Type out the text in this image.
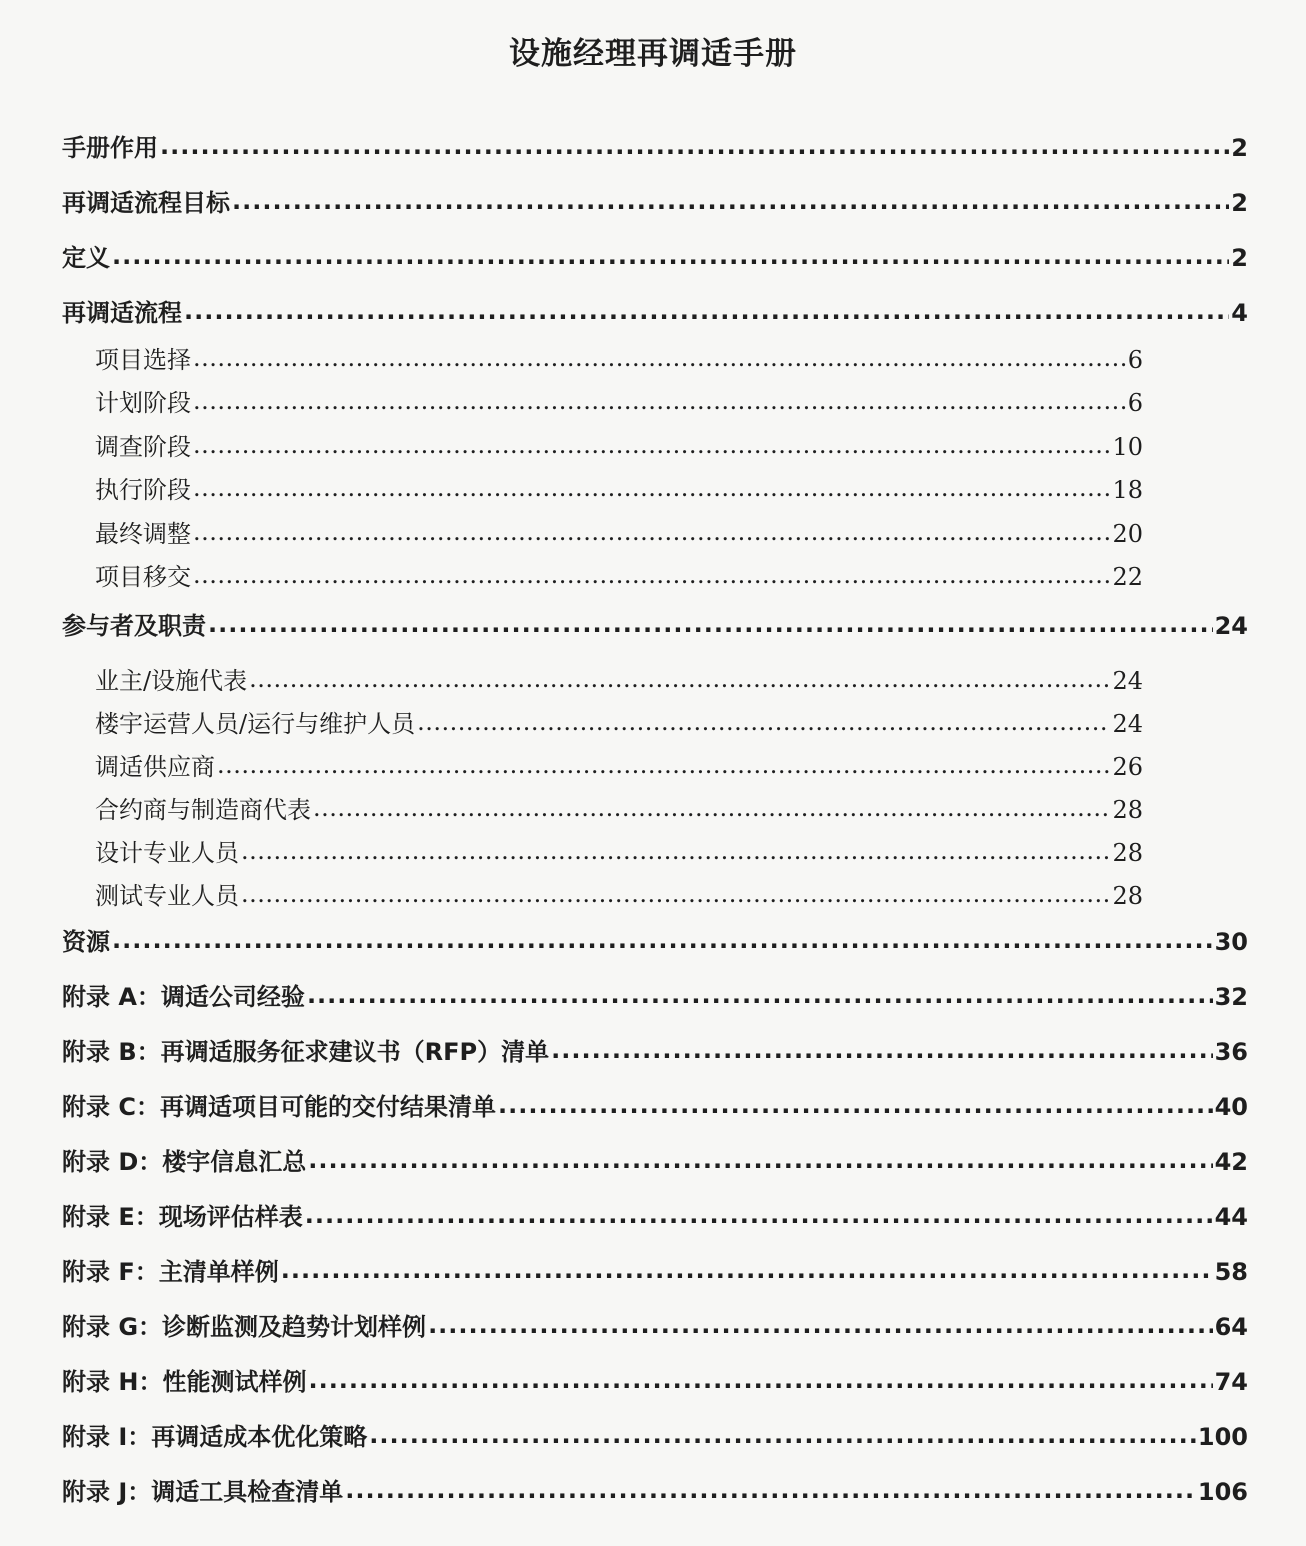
设施经理再调适手册
手册作用 .....	2
再调适流程目标 .....	2
定义 .....	2
再调适流程 .....	4
项目选择 .....	6
计划阶段 .....	6
调查阶段 .....	10
执行阶段 .....	18
最终调整 .....	20
项目移交 .....	22
参与者及职责 .....	24
业主/设施代表 .....	24
楼宇运营人员/运行与维护人员 .....	24
调适供应商 .....	26
合约商与制造商代表 .....	28
设计专业人员 .....	28
测试专业人员 .....	28
资源 .....	30
附录 A：调适公司经验 .....	32
附录 B：再调适服务征求建议书（RFP）清单 .....	36
附录 C：再调适项目可能的交付结果清单 .....	40
附录 D：楼宇信息汇总 .....	42
附录 E：现场评估样表 .....	44
附录 F：主清单样例 .....	58
附录 G：诊断监测及趋势计划样例 .....	64
附录 H：性能测试样例 .....	74
附录 I：再调适成本优化策略 .....	100
附录 J：调适工具检查清单 .....	106
